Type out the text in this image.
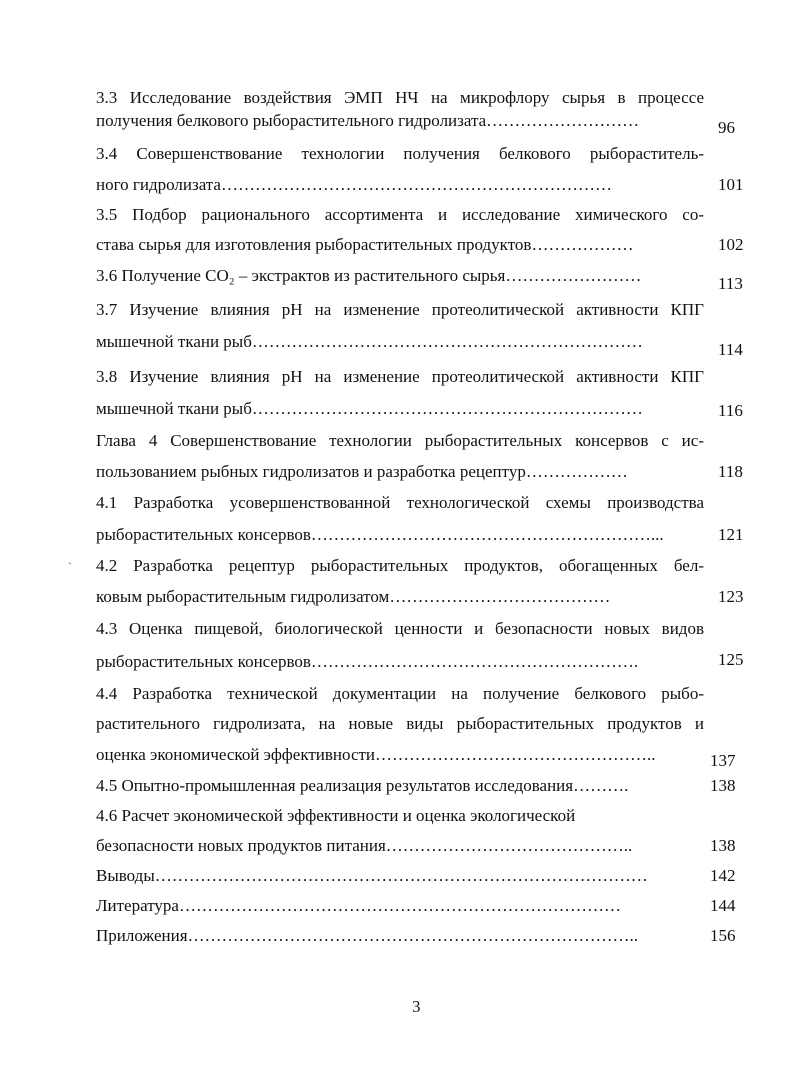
3.3 Исследование воздействия ЭМП НЧ на микрофлору сырья в процессе
получения белкового рыборастительного гидролизата………………………	96
3.4 Совершенствование технологии получения белкового рыбораститель-
ного гидролизата……………………………………………………………	101
3.5 Подбор рационального ассортимента и исследование химического со-
става сырья для изготовления рыборастительных продуктов………………	102
3.6 Получение CO₂ – экстрактов из растительного сырья……………………	113
3.7 Изучение влияния pH на изменение протеолитической активности КПГ
мышечной ткани рыб……………………………………………………………	114
3.8 Изучение влияния pH на изменение протеолитической активности КПГ
мышечной ткани рыб……………………………………………………………	116
Глава 4 Совершенствование технологии рыборастительных консервов с ис-
пользованием рыбных гидролизатов и разработка рецептур………………	118
4.1 Разработка усовершенствованной технологической схемы производства
рыборастительных консервов……………………………………………………...	121
4.2 Разработка рецептур рыборастительных продуктов, обогащенных бел-
ковым рыборастительным гидролизатом…………………………………	123
4.3 Оценка пищевой, биологической ценности и безопасности новых видов
рыборастительных консервов………………………………………………….	125
4.4 Разработка технической документации на получение белкового рыбо-
растительного гидролизата, на новые виды рыборастительных продуктов и
оценка экономической эффективности…………………………………………..	137
4.5 Опытно-промышленная реализация результатов исследования……….	138
4.6 Расчет экономической эффективности и оценка экологической
безопасности новых продуктов питания……………………………………..	138
Выводы……………………………………………………………………………	142
Литература……………………………………………………………………	144
Приложения……………………………………………………………………..	156
`
3
